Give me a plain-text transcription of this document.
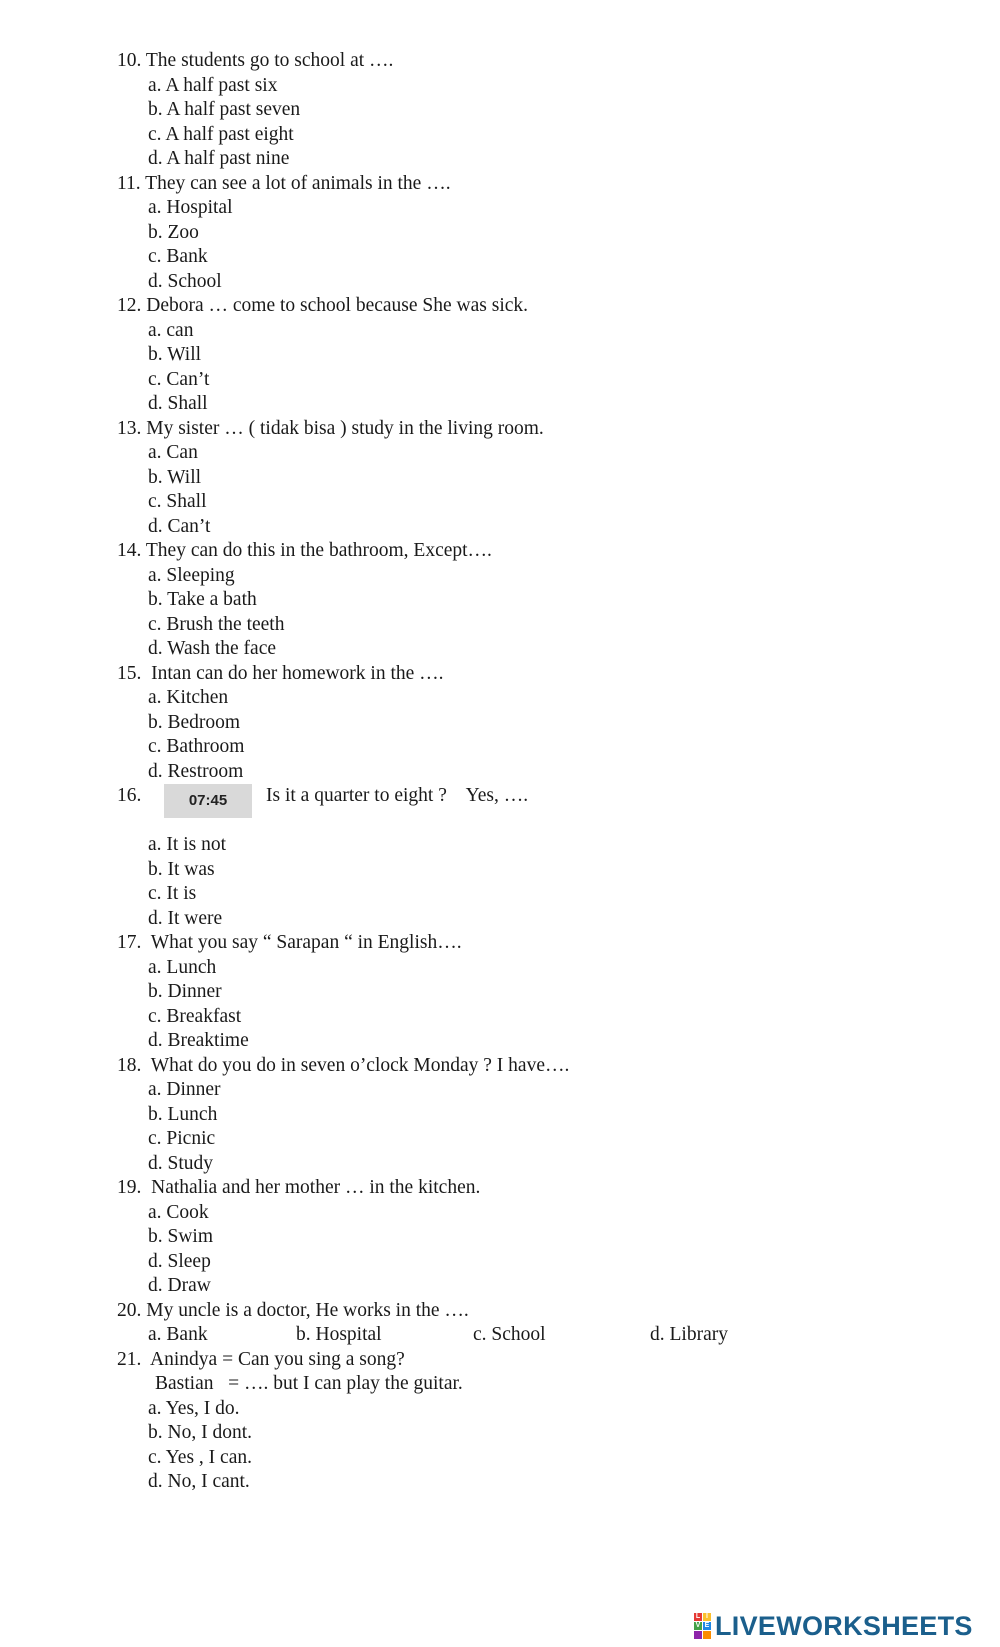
10. The students go to school at ….
a. A half past six
b. A half past seven
c. A half past eight
d. A half past nine
11. They can see a lot of animals in the ….
a. Hospital
b. Zoo
c. Bank
d. School
12. Debora … come to school because She was sick.
a. can
b. Will
c. Can’t
d. Shall
13. My sister … ( tidak bisa ) study in the living room.
a. Can
b. Will
c. Shall
d. Can’t
14. They can do this in the bathroom, Except….
a. Sleeping
b. Take a bath
c. Brush the teeth
d. Wash the face
15.  Intan can do her homework in the ….
a. Kitchen
b. Bedroom
c. Bathroom
d. Restroom

16.

	07:45

	Is it a quarter to eight ?    Yes, ….

a. It is not
b. It was
c. It is
d. It were
17.  What you say “ Sarapan “ in English….
a. Lunch
b. Dinner
c. Breakfast
d. Breaktime
18.  What do you do in seven o’clock Monday ? I have….
a. Dinner
b. Lunch
c. Picnic
d. Study
19.  Nathalia and her mother … in the kitchen.
a. Cook
b. Swim
d. Sleep
d. Draw
20. My uncle is a doctor, He works in the ….

a. Bank

	b. Hospital

	c. School

	d. Library

21.  Anindya = Can you sing a song?
Bastian   = …. but I can play the guitar.
a. Yes, I do.
b. No, I dont.
c. Yes , I can.
d. No, I cant.
L I
V E LIVEWORKSHEETS
